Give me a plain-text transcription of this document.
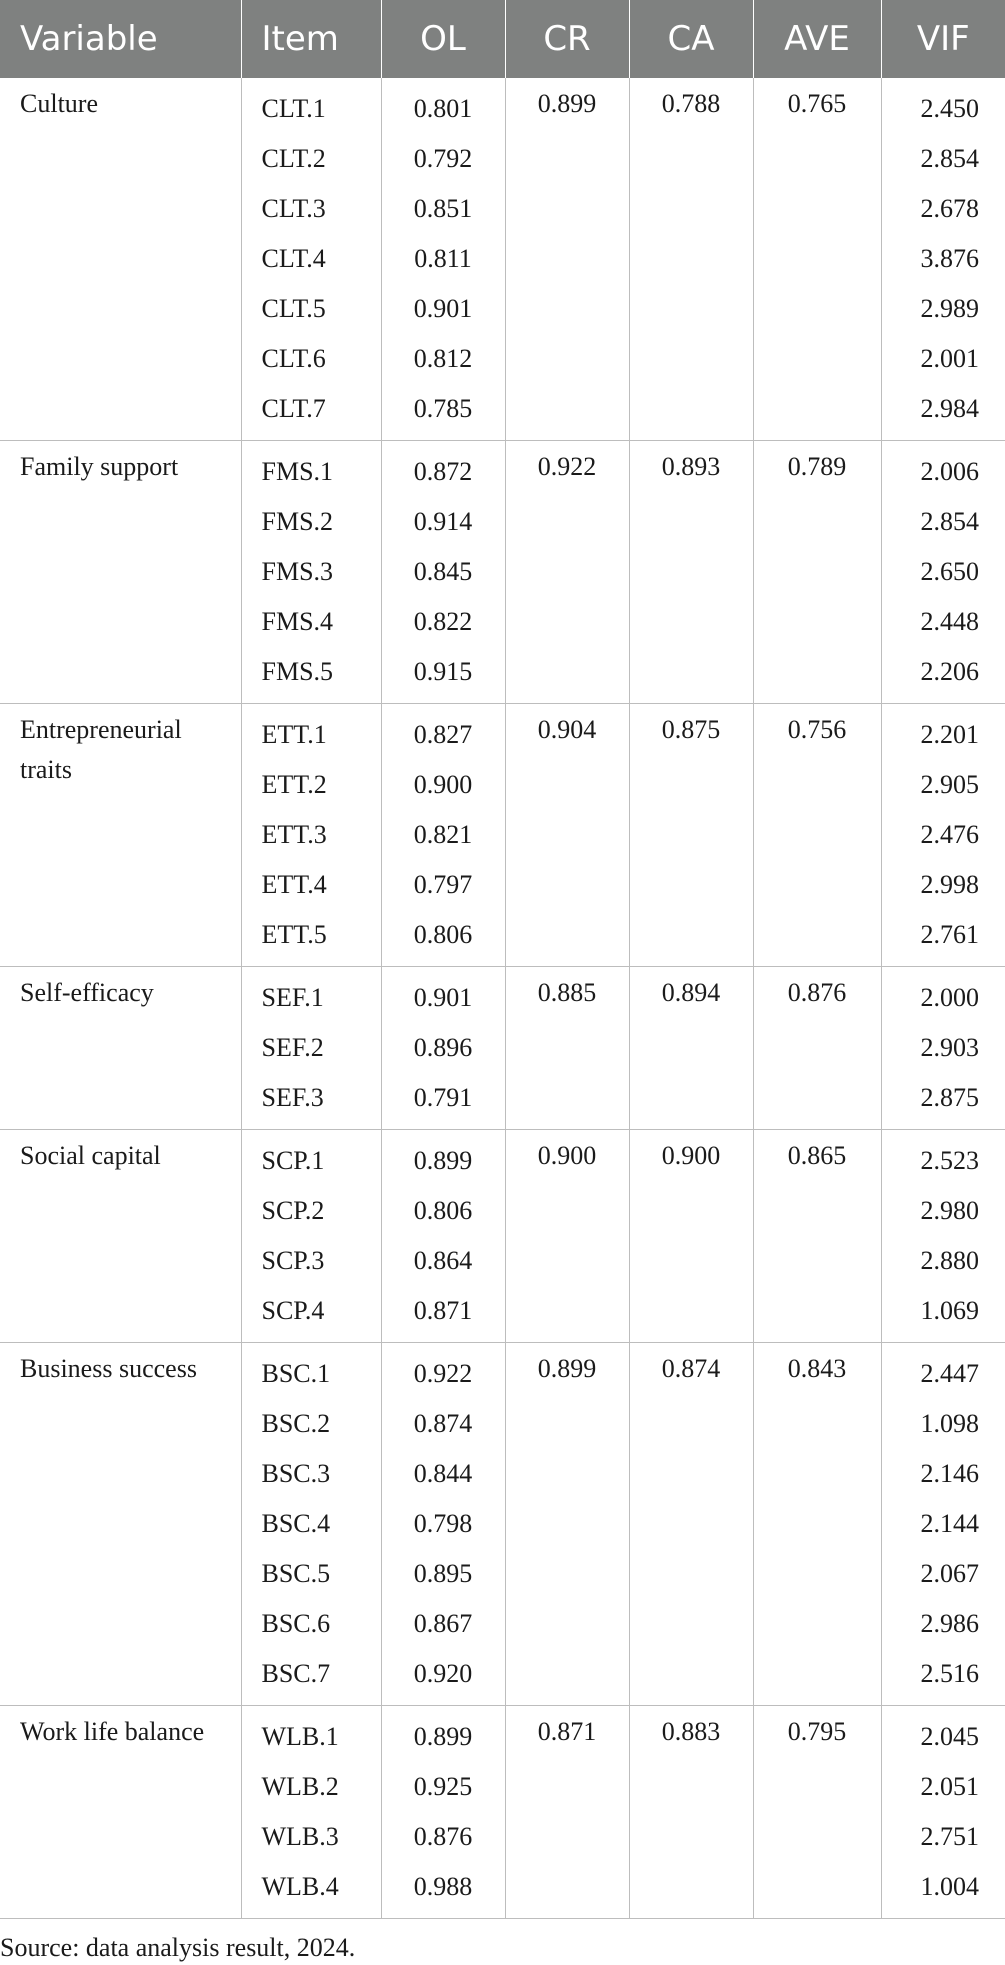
Variable	Item	OL	CR	CA	AVE	VIF
Culture	CLT.1	0.801	0.899	0.788	0.765	2.450
	CLT.2	0.792				2.854
	CLT.3	0.851				2.678
	CLT.4	0.811				3.876
	CLT.5	0.901				2.989
	CLT.6	0.812				2.001
	CLT.7	0.785				2.984
Family support	FMS.1	0.872	0.922	0.893	0.789	2.006
	FMS.2	0.914				2.854
	FMS.3	0.845				2.650
	FMS.4	0.822				2.448
	FMS.5	0.915				2.206
Entrepreneurial traits	ETT.1	0.827	0.904	0.875	0.756	2.201
	ETT.2	0.900				2.905
	ETT.3	0.821				2.476
	ETT.4	0.797				2.998
	ETT.5	0.806				2.761
Self-efficacy	SEF.1	0.901	0.885	0.894	0.876	2.000
	SEF.2	0.896				2.903
	SEF.3	0.791				2.875
Social capital	SCP.1	0.899	0.900	0.900	0.865	2.523
	SCP.2	0.806				2.980
	SCP.3	0.864				2.880
	SCP.4	0.871				1.069
Business success	BSC.1	0.922	0.899	0.874	0.843	2.447
	BSC.2	0.874				1.098
	BSC.3	0.844				2.146
	BSC.4	0.798				2.144
	BSC.5	0.895				2.067
	BSC.6	0.867				2.986
	BSC.7	0.920				2.516
Work life balance	WLB.1	0.899	0.871	0.883	0.795	2.045
	WLB.2	0.925				2.051
	WLB.3	0.876				2.751
	WLB.4	0.988				1.004
Source: data analysis result, 2024.
